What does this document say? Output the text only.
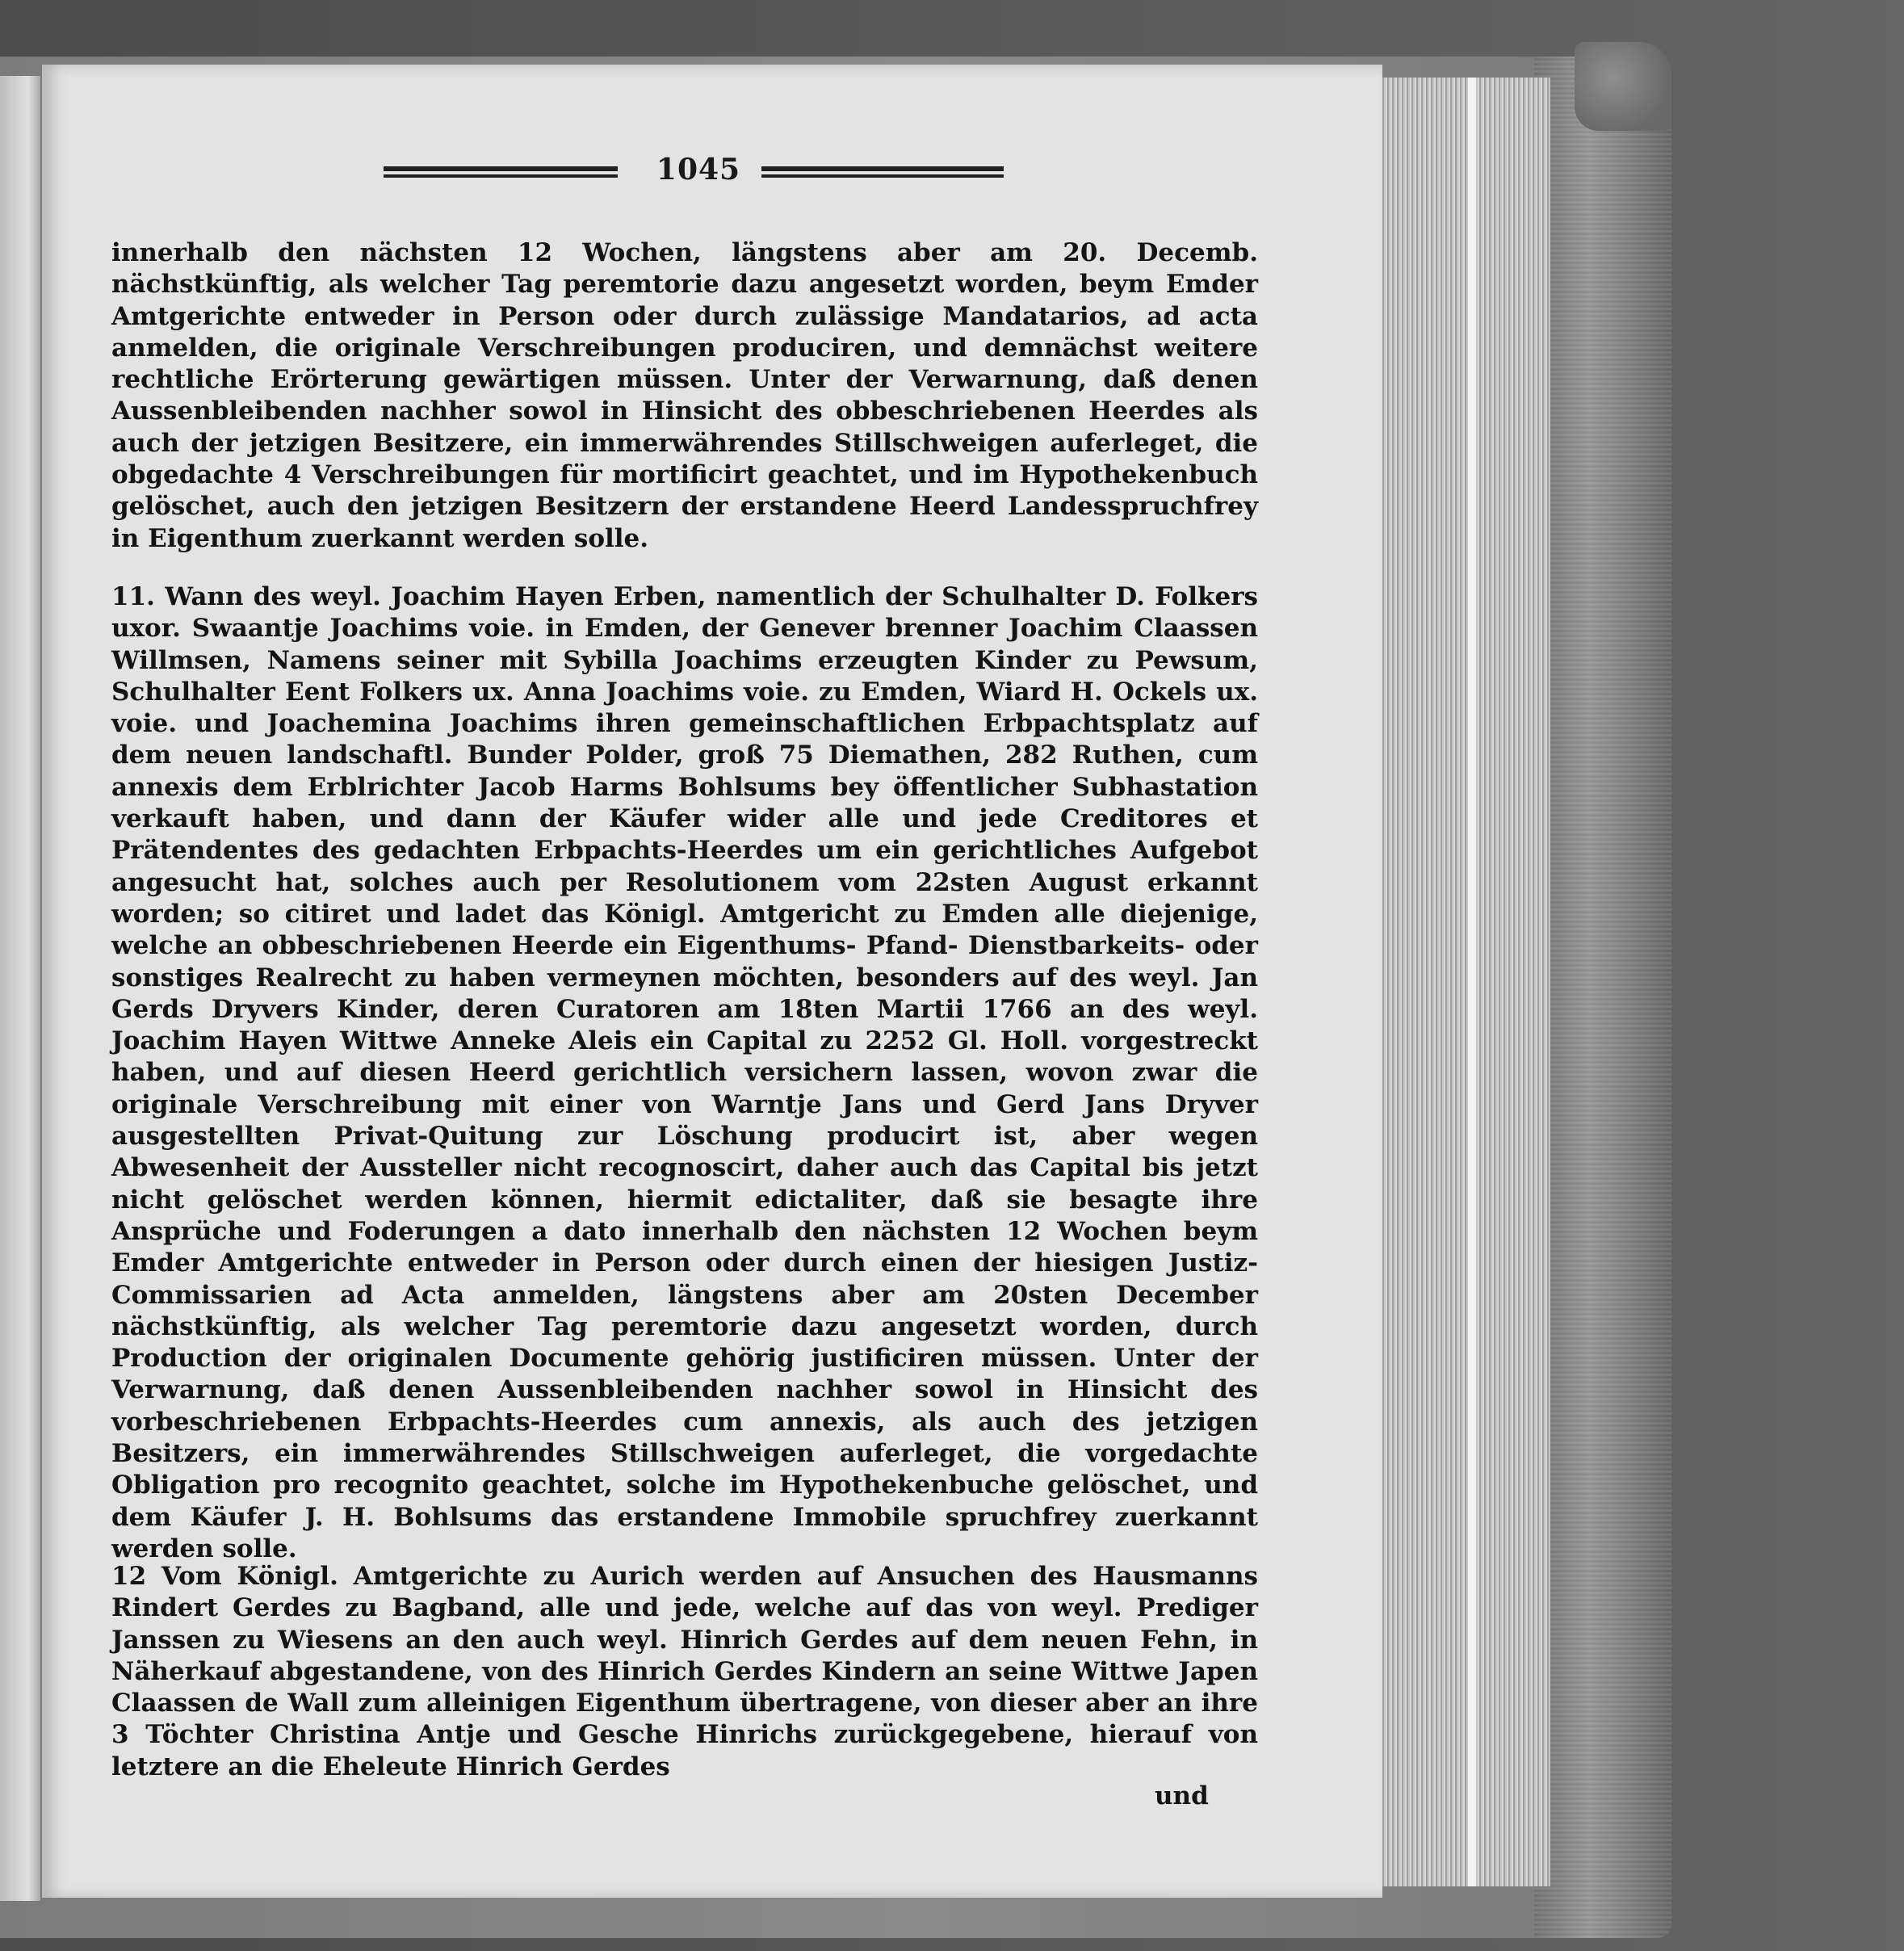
1045
innerhalb den nächsten 12 Wochen, längstens aber am 20. Decemb. nächstkünftig, als welcher Tag peremtorie dazu angesetzt worden, beym Emder Amtgerichte entweder in Person oder durch zulässige Mandatarios, ad acta anmelden, die originale Verschreibungen produciren, und demnächst weitere rechtliche Erörterung gewärtigen müssen. Unter der Verwarnung, daß denen Aussenbleibenden nachher sowol in Hinsicht des obbeschriebenen Heerdes als auch der jetzigen Besitzere, ein immerwährendes Stillschweigen auferleget, die obgedachte 4 Verschreibungen für mortificirt geachtet, und im Hypothekenbuch gelöschet, auch den jetzigen Besitzern der erstandene Heerd Landesspruchfrey in Eigenthum zuerkannt werden solle.
11. Wann des weyl. Joachim Hayen Erben, namentlich der Schulhalter D. Folkers uxor. Swaantje Joachims voie. in Emden, der Genever brenner Joachim Claassen Willmsen, Namens seiner mit Sybilla Joachims erzeugten Kinder zu Pewsum, Schulhalter Eent Folkers ux. Anna Joachims voie. zu Emden, Wiard H. Ockels ux. voie. und Joachemina Joachims ihren gemeinschaftlichen Erbpachtsplatz auf dem neuen landschaftl. Bunder Polder, groß 75 Diemathen, 282 Ruthen, cum annexis dem Erblrichter Jacob Harms Bohlsums bey öffentlicher Subhastation verkauft haben, und dann der Käufer wider alle und jede Creditores et Prätendentes des gedachten Erbpachts-Heerdes um ein gerichtliches Aufgebot angesucht hat, solches auch per Resolutionem vom 22sten August erkannt worden; so citiret und ladet das Königl. Amtgericht zu Emden alle diejenige, welche an obbeschriebenen Heerde ein Eigenthums- Pfand- Dienstbarkeits- oder sonstiges Realrecht zu haben vermeynen möchten, besonders auf des weyl. Jan Gerds Dryvers Kinder, deren Curatoren am 18ten Martii 1766 an des weyl. Joachim Hayen Wittwe Anneke Aleis ein Capital zu 2252 Gl. Holl. vorgestreckt haben, und auf diesen Heerd gerichtlich versichern lassen, wovon zwar die originale Verschreibung mit einer von Warntje Jans und Gerd Jans Dryver ausgestellten Privat-Quitung zur Löschung producirt ist, aber wegen Abwesenheit der Aussteller nicht recognoscirt, daher auch das Capital bis jetzt nicht gelöschet werden können, hiermit edictaliter, daß sie besagte ihre Ansprüche und Foderungen a dato innerhalb den nächsten 12 Wochen beym Emder Amtgerichte entweder in Person oder durch einen der hiesigen Justiz-Commissarien ad Acta anmelden, längstens aber am 20sten December nächstkünftig, als welcher Tag peremtorie dazu angesetzt worden, durch Production der originalen Documente gehörig justificiren müssen. Unter der Verwarnung, daß denen Aussenbleibenden nachher sowol in Hinsicht des vorbeschriebenen Erbpachts-Heerdes cum annexis, als auch des jetzigen Besitzers, ein immerwährendes Stillschweigen auferleget, die vorgedachte Obligation pro recognito geachtet, solche im Hypothekenbuche gelöschet, und dem Käufer J. H. Bohlsums das erstandene Immobile spruchfrey zuerkannt werden solle.
12 Vom Königl. Amtgerichte zu Aurich werden auf Ansuchen des Hausmanns Rindert Gerdes zu Bagband, alle und jede, welche auf das von weyl. Prediger Janssen zu Wiesens an den auch weyl. Hinrich Gerdes auf dem neuen Fehn, in Näherkauf abgestandene, von des Hinrich Gerdes Kindern an seine Wittwe Japen Claassen de Wall zum alleinigen Eigenthum übertragene, von dieser aber an ihre 3 Töchter Christina Antje und Gesche Hinrichs zurückgegebene, hierauf von letztere an die Eheleute Hinrich Gerdes
und
